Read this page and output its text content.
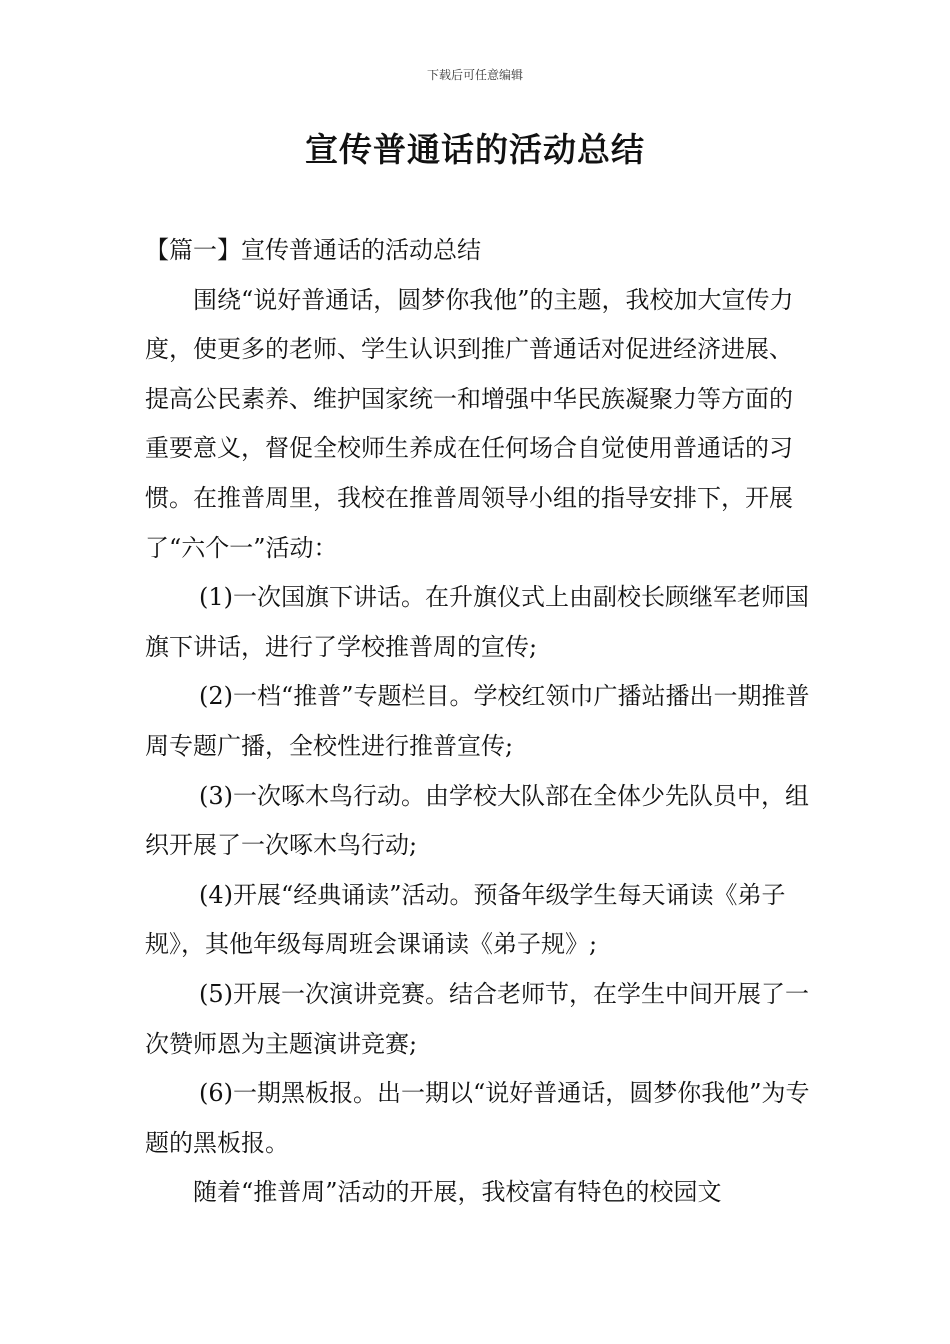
下载后可任意编辑
宣传普通话的活动总结

【篇一】宣传普通话的活动总结

围绕“说好普通话，圆梦你我他”的主题，我校加大宣传力度，使更多的老师、学生认识到推广普通话对促进经济进展、提高公民素养、维护国家统一和增强中华民族凝聚力等方面的重要意义，督促全校师生养成在任何场合自觉使用普通话的习惯。在推普周里，我校在推普周领导小组的指导安排下，开展了“六个一”活动：

(1)一次国旗下讲话。在升旗仪式上由副校长顾继军老师国旗下讲话，进行了学校推普周的宣传;

(2)一档“推普”专题栏目。学校红领巾广播站播出一期推普周专题广播，全校性进行推普宣传;

(3)一次啄木鸟行动。由学校大队部在全体少先队员中，组织开展了一次啄木鸟行动;

(4)开展“经典诵读”活动。预备年级学生每天诵读《弟子规》，其他年级每周班会课诵读《弟子规》;

(5)开展一次演讲竞赛。结合老师节，在学生中间开展了一次赞师恩为主题演讲竞赛;

(6)一期黑板报。出一期以“说好普通话，圆梦你我他”为专题的黑板报。

随着“推普周”活动的开展，我校富有特色的校园文
